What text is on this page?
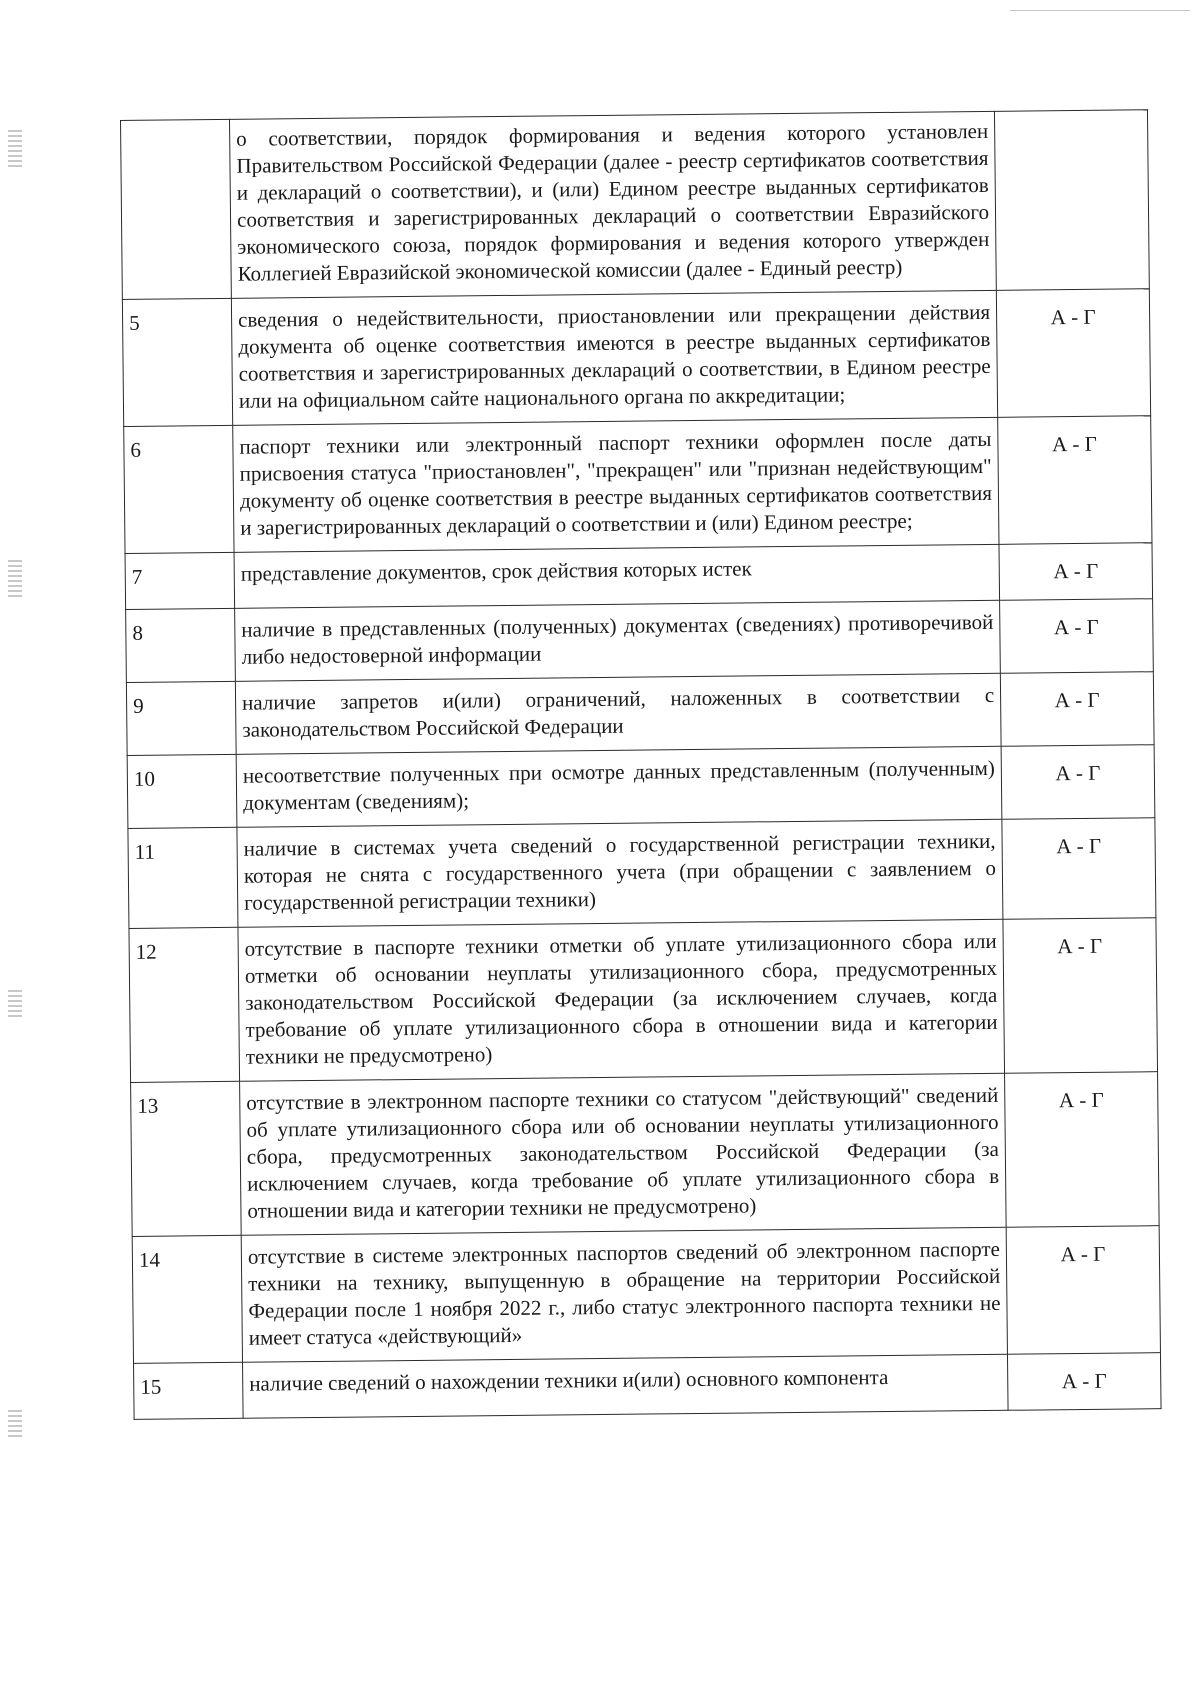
	о соответствии, порядок формирования и ведения которого установлен Правительством Российской Федерации (далее - реестр сертификатов соответствия и деклараций о соответствии), и (или) Едином реестре выданных сертификатов соответствия и зарегистрированных деклараций о соответствии Евразийского экономического союза, порядок формирования и ведения которого утвержден Коллегией Евразийской экономической комиссии (далее - Единый реестр)	
5	сведения о недействительности, приостановлении или прекращении действия документа об оценке соответствия имеются в реестре выданных сертификатов соответствия и зарегистрированных деклараций о соответствии, в Едином реестре или на официальном сайте национального органа по аккредитации;	А - Г
6	паспорт техники или электронный паспорт техники оформлен после даты присвоения статуса "приостановлен", "прекращен" или "признан недействующим" документу об оценке соответствия в реестре выданных сертификатов соответствия и зарегистрированных деклараций о соответствии и (или) Едином реестре;	А - Г
7	представление документов, срок действия которых истек	А - Г
8	наличие в представленных (полученных) документах (сведениях) противоречивой либо недостоверной информации	А - Г
9	наличие запретов и(или) ограничений, наложенных в соответствии с законодательством Российской Федерации	А - Г
10	несоответствие полученных при осмотре данных представленным (полученным) документам (сведениям);	А - Г
11	наличие в системах учета сведений о государственной регистрации техники, которая не снята с государственного учета (при обращении с заявлением о государственной регистрации техники)	А - Г
12	отсутствие в паспорте техники отметки об уплате утилизационного сбора или отметки об основании неуплаты утилизационного сбора, предусмотренных законодательством Российской Федерации (за исключением случаев, когда требование об уплате утилизационного сбора в отношении вида и категории техники не предусмотрено)	А - Г
13	отсутствие в электронном паспорте техники со статусом "действующий" сведений об уплате утилизационного сбора или об основании неуплаты утилизационного сбора, предусмотренных законодательством Российской Федерации (за исключением случаев, когда требование об уплате утилизационного сбора в отношении вида и категории техники не предусмотрено)	А - Г
14	отсутствие в системе электронных паспортов сведений об электронном паспорте техники на технику, выпущенную в обращение на территории Российской Федерации после 1 ноября 2022 г., либо статус электронного паспорта техники не имеет статуса «действующий»	А - Г
15	наличие сведений о нахождении техники и(или) основного компонента	А - Г
